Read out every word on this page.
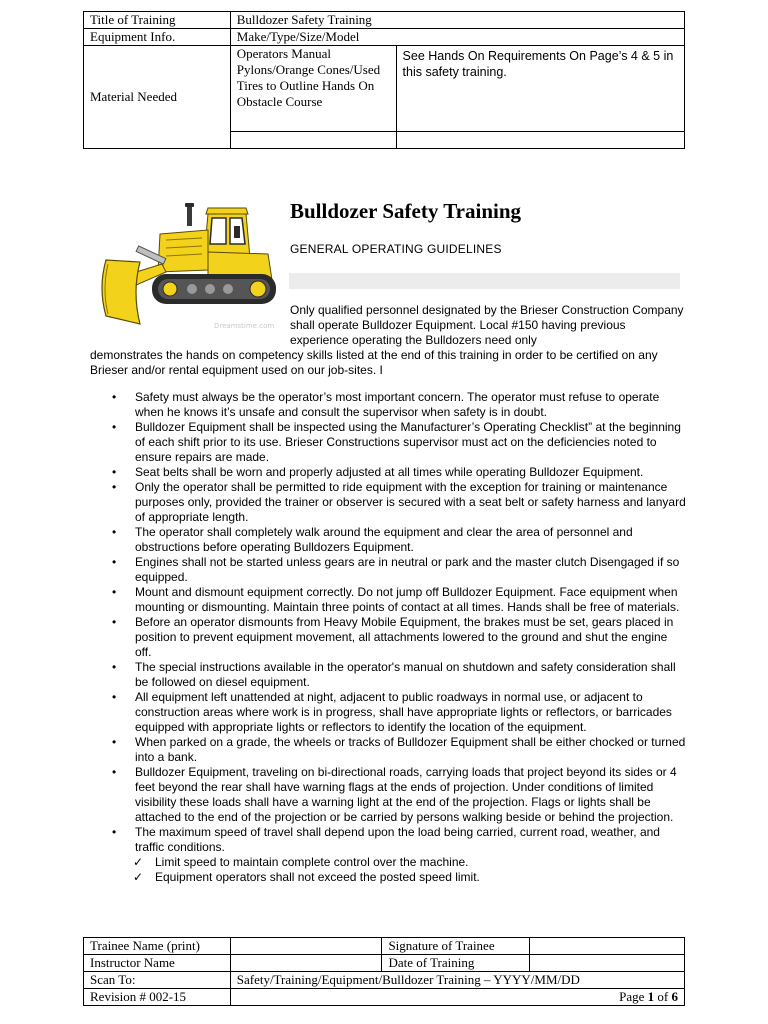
Title of Training	Bulldozer Safety Training	
Equipment Info.	Make/Type/Size/Model	
Material Needed	Operators Manual Pylons/Orange Cones/Used Tires to Outline Hands On Obstacle Course	See Hands On Requirements On Page’s 4 & 5 in this safety training.

Dreamstime.com
Bulldozer Safety Training

GENERAL OPERATING GUIDELINES

Only qualified personnel designated by the Brieser Construction Company shall operate Bulldozer Equipment. Local #150 having previous experience operating the Bulldozers need only

demonstrates the hands on competency skills listed at the end of this training in order to be certified on any Brieser and/or rental equipment used on our job-sites. I

• Safety must always be the operator’s most important concern. The operator must refuse to operate when he knows it’s unsafe and consult the supervisor when safety is in doubt.
• Bulldozer Equipment shall be inspected using the Manufacturer’s Operating Checklist” at the beginning of each shift prior to its use. Brieser Constructions supervisor must act on the deficiencies noted to ensure repairs are made.
• Seat belts shall be worn and properly adjusted at all times while operating Bulldozer Equipment.
• Only the operator shall be permitted to ride equipment with the exception for training or maintenance purposes only, provided the trainer or observer is secured with a seat belt or safety harness and lanyard of appropriate length.
• The operator shall completely walk around the equipment and clear the area of personnel and obstructions before operating Bulldozers Equipment.
• Engines shall not be started unless gears are in neutral or park and the master clutch Disengaged if so equipped.
• Mount and dismount equipment correctly. Do not jump off Bulldozer Equipment. Face equipment when mounting or dismounting. Maintain three points of contact at all times. Hands shall be free of materials.
• Before an operator dismounts from Heavy Mobile Equipment, the brakes must be set, gears placed in position to prevent equipment movement, all attachments lowered to the ground and shut the engine off.
• The special instructions available in the operator's manual on shutdown and safety consideration shall be followed on diesel equipment.
• All equipment left unattended at night, adjacent to public roadways in normal use, or adjacent to construction areas where work is in progress, shall have appropriate lights or reflectors, or barricades equipped with appropriate lights or reflectors to identify the location of the equipment.
• When parked on a grade, the wheels or tracks of Bulldozer Equipment shall be either chocked or turned into a bank.
• Bulldozer Equipment, traveling on bi-directional roads, carrying loads that project beyond its sides or 4 feet beyond the rear shall have warning flags at the ends of projection. Under conditions of limited visibility these loads shall have a warning light at the end of the projection. Flags or lights shall be attached to the end of the projection or be carried by persons walking beside or behind the projection.
• The maximum speed of travel shall depend upon the load being carried, current road, weather, and traffic conditions.
✓ Limit speed to maintain complete control over the machine.
✓ Equipment operators shall not exceed the posted speed limit.
Trainee Name (print)		Signature of Trainee	
Instructor Name		Date of Training	
Scan To:	Safety/Training/Equipment/Bulldozer Training – YYYY/MM/DD		
Revision # 002-15	Page 1 of 6		
